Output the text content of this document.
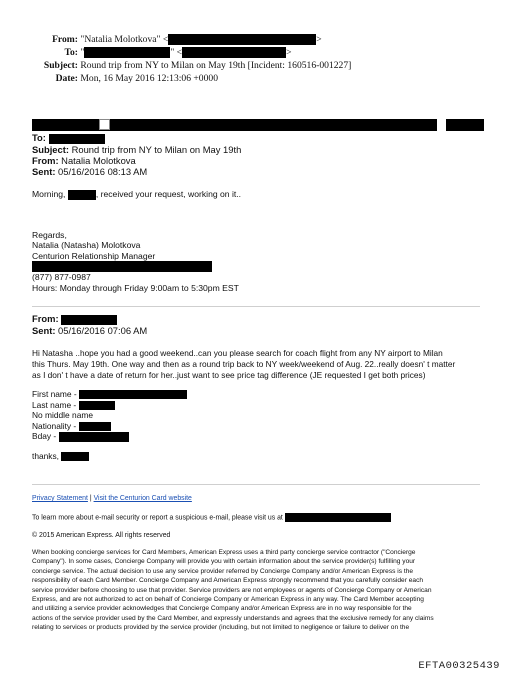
From: "Natalia Molotkova" <	>
To: "	" <	>
Subject: Round trip from NY to Milan on May 19th [Incident: 160516-001227]
Date: Mon, 16 May 2016 12:13:06 +0000
To:
Subject: Round trip from NY to Milan on May 19th
From: Natalia Molotkova
Sent: 05/16/2016 08:13 AM
Morning,	, received your request, working on it..
Regards,
Natalia (Natasha) Molotkova
Centurion Relationship Manager
(877) 877-0987
Hours: Monday through Friday 9:00am to 5:30pm EST
From:
Sent: 05/16/2016 07:06 AM
Hi Natasha ..hope you had a good weekend..can you please search for coach flight from any NY airport to Milan
this Thurs. May 19th. One way and then as a round trip back to NY week/weekend of Aug. 22..really doesn' t matter
as I don' t have a date of return for her..just want to see price tag difference (JE requested I get both prices)
First name -
Last name -
No middle name
Nationality -
Bday -
thanks,
Privacy Statement | Visit the Centurion Card website
To learn more about e-mail security or report a suspicious e-mail, please visit us at
© 2015 American Express. All rights reserved
When booking concierge services for Card Members, American Express uses a third party concierge service contractor ("Concierge
Company"). In some cases, Concierge Company will provide you with certain information about the service provider(s) fulfilling your
concierge service. The actual decision to use any service provider referred by Concierge Company and/or American Express is the
responsibility of each Card Member. Concierge Company and American Express strongly recommend that you carefully consider each
service provider before choosing to use that provider. Service providers are not employees or agents of Concierge Company or American
Express, and are not authorized to act on behalf of Concierge Company or American Express in any way. The Card Member accepting
and utilizing a service provider acknowledges that Concierge Company and/or American Express are in no way responsible for the
actions of the service provider used by the Card Member, and expressly understands and agrees that the exclusive remedy for any claims
relating to services or products provided by the service provider (including, but not limited to negligence or failure to deliver on the
EFTA00325439
